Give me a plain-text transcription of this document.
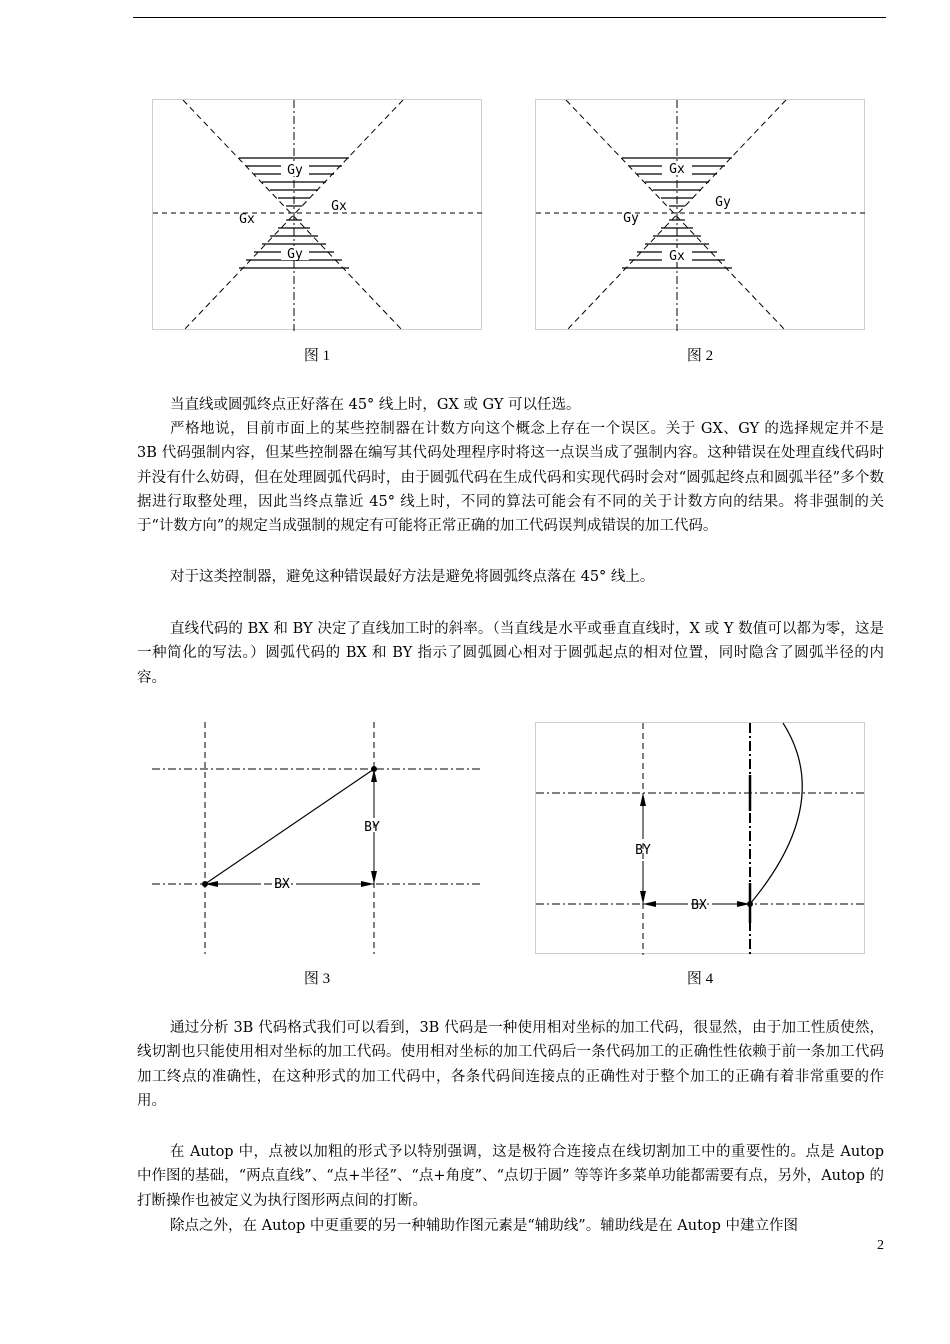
Gy
Gy
Gx
Gx
图 1
Gx
Gx
Gy
Gy
图 2
当直线或圆弧终点正好落在 45° 线上时，GX 或 GY 可以任选。
严格地说，目前市面上的某些控制器在计数方向这个概念上存在一个误区。关于 GX、GY 的选择规定并不是 3B 代码强制内容，但某些控制器在编写其代码处理程序时将这一点误当成了强制内容。这种错误在处理直线代码时并没有什么妨碍，但在处理圆弧代码时，由于圆弧代码在生成代码和实现代码时会对“圆弧起终点和圆弧半径”多个数据进行取整处理，因此当终点靠近 45° 线上时，不同的算法可能会有不同的关于计数方向的结果。将非强制的关于“计数方向”的规定当成强制的规定有可能将正常正确的加工代码误判成错误的加工代码。
对于这类控制器，避免这种错误最好方法是避免将圆弧终点落在 45° 线上。
直线代码的 BX 和 BY 决定了直线加工时的斜率。（当直线是水平或垂直直线时，X 或 Y 数值可以都为零，这是一种简化的写法。）圆弧代码的 BX 和 BY 指示了圆弧圆心相对于圆弧起点的相对位置，同时隐含了圆弧半径的内容。
BX
BY
图 3
BY
BX
图 4
通过分析 3B 代码格式我们可以看到，3B 代码是一种使用相对坐标的加工代码，很显然，由于加工性质使然，线切割也只能使用相对坐标的加工代码。使用相对坐标的加工代码后一条代码加工的正确性性依赖于前一条加工代码加工终点的准确性，在这种形式的加工代码中，各条代码间连接点的正确性对于整个加工的正确有着非常重要的作用。
在 Autop 中，点被以加粗的形式予以特别强调，这是极符合连接点在线切割加工中的重要性的。点是 Autop 中作图的基础，“两点直线”、“点+半径”、“点+角度”、“点切于圆” 等等许多菜单功能都需要有点，另外，Autop 的打断操作也被定义为执行图形两点间的打断。
除点之外，在 Autop 中更重要的另一种辅助作图元素是“辅助线”。辅助线是在 Autop 中建立作图
2
